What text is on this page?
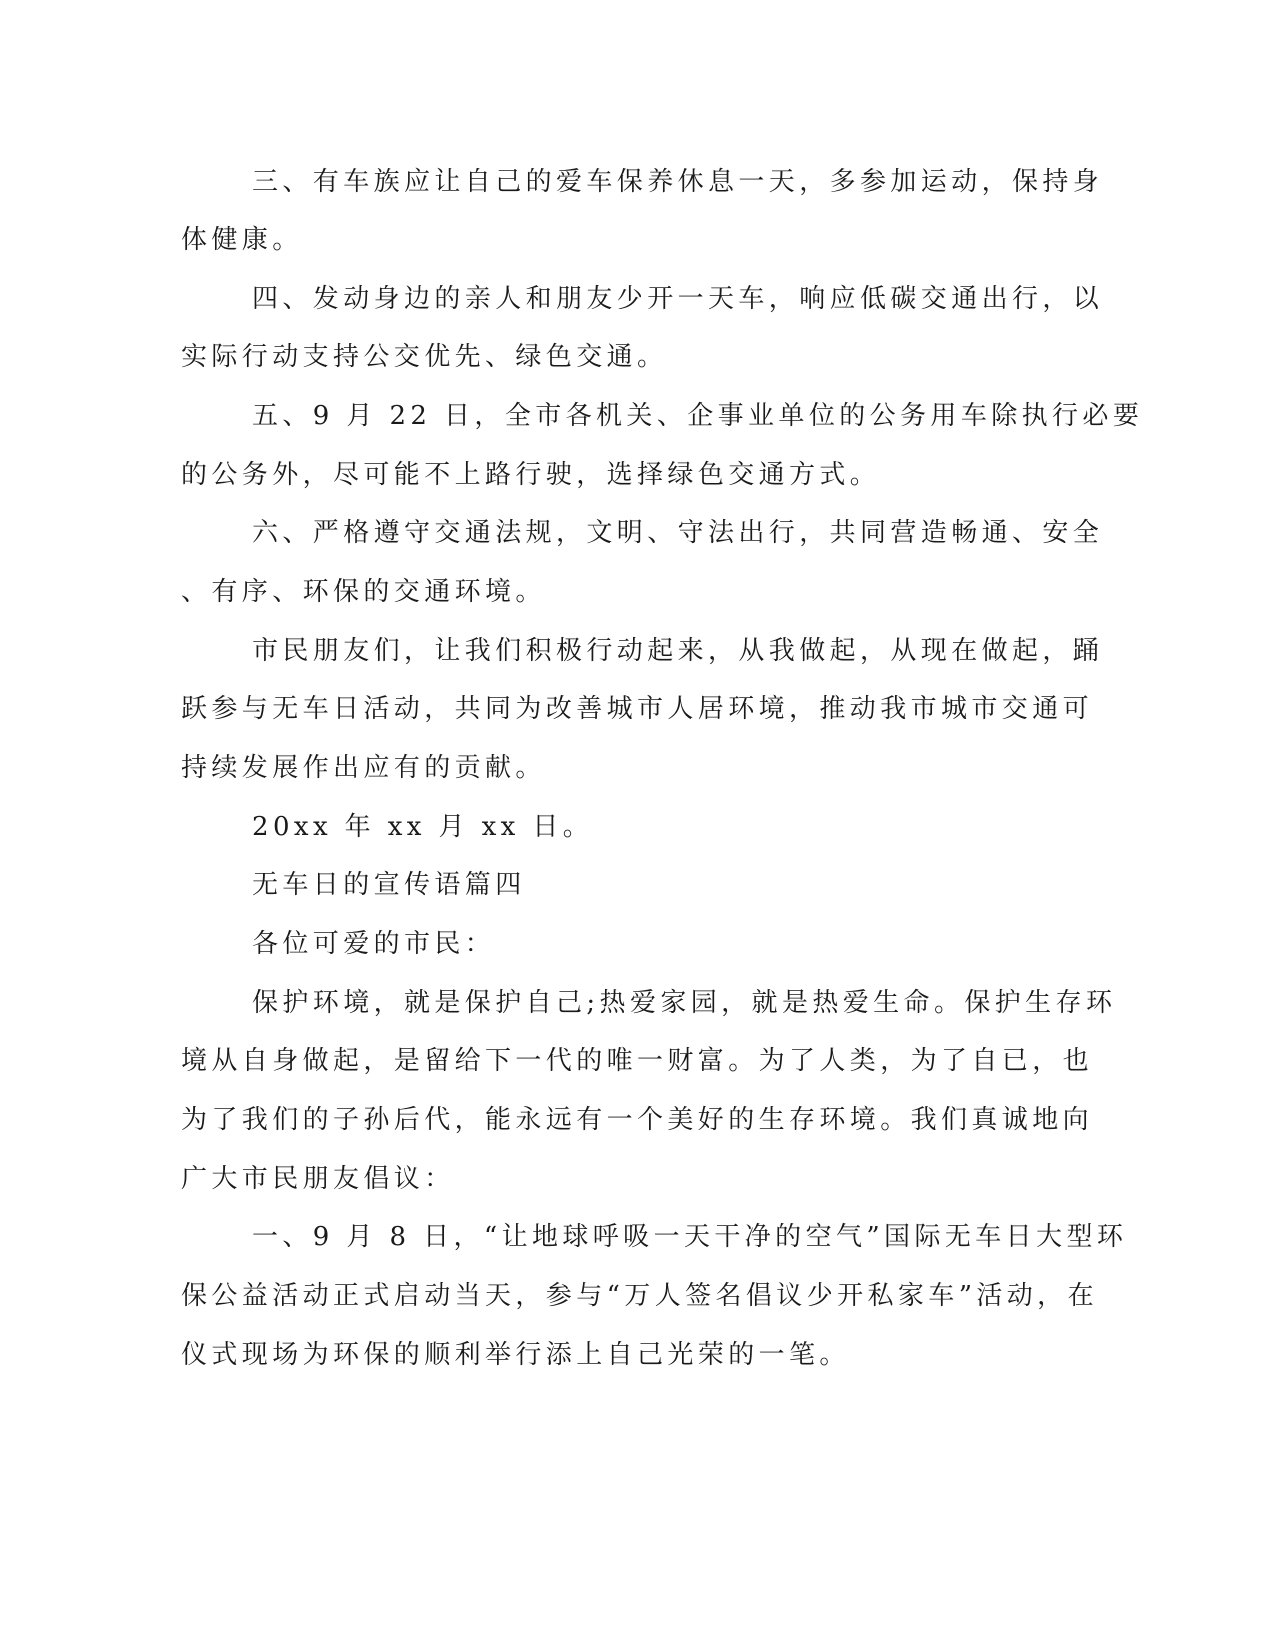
三、有车族应让自己的爱车保养休息一天，多参加运动，保持身

体健康。

四、发动身边的亲人和朋友少开一天车，响应低碳交通出行，以

实际行动支持公交优先、绿色交通。

五、9 月 22 日，全市各机关、企事业单位的公务用车除执行必要

的公务外，尽可能不上路行驶，选择绿色交通方式。

六、严格遵守交通法规，文明、守法出行，共同营造畅通、安全

、有序、环保的交通环境。

市民朋友们，让我们积极行动起来，从我做起，从现在做起，踊

跃参与无车日活动，共同为改善城市人居环境，推动我市城市交通可

持续发展作出应有的贡献。

20xx 年 xx 月 xx 日。

无车日的宣传语篇四

各位可爱的市民：

保护环境，就是保护自己;热爱家园，就是热爱生命。保护生存环

境从自身做起，是留给下一代的唯一财富。为了人类，为了自已，也

为了我们的子孙后代，能永远有一个美好的生存环境。我们真诚地向

广大市民朋友倡议：

一、9 月 8 日，“让地球呼吸一天干净的空气”国际无车日大型环

保公益活动正式启动当天，参与“万人签名倡议少开私家车”活动，在

仪式现场为环保的顺利举行添上自己光荣的一笔。
